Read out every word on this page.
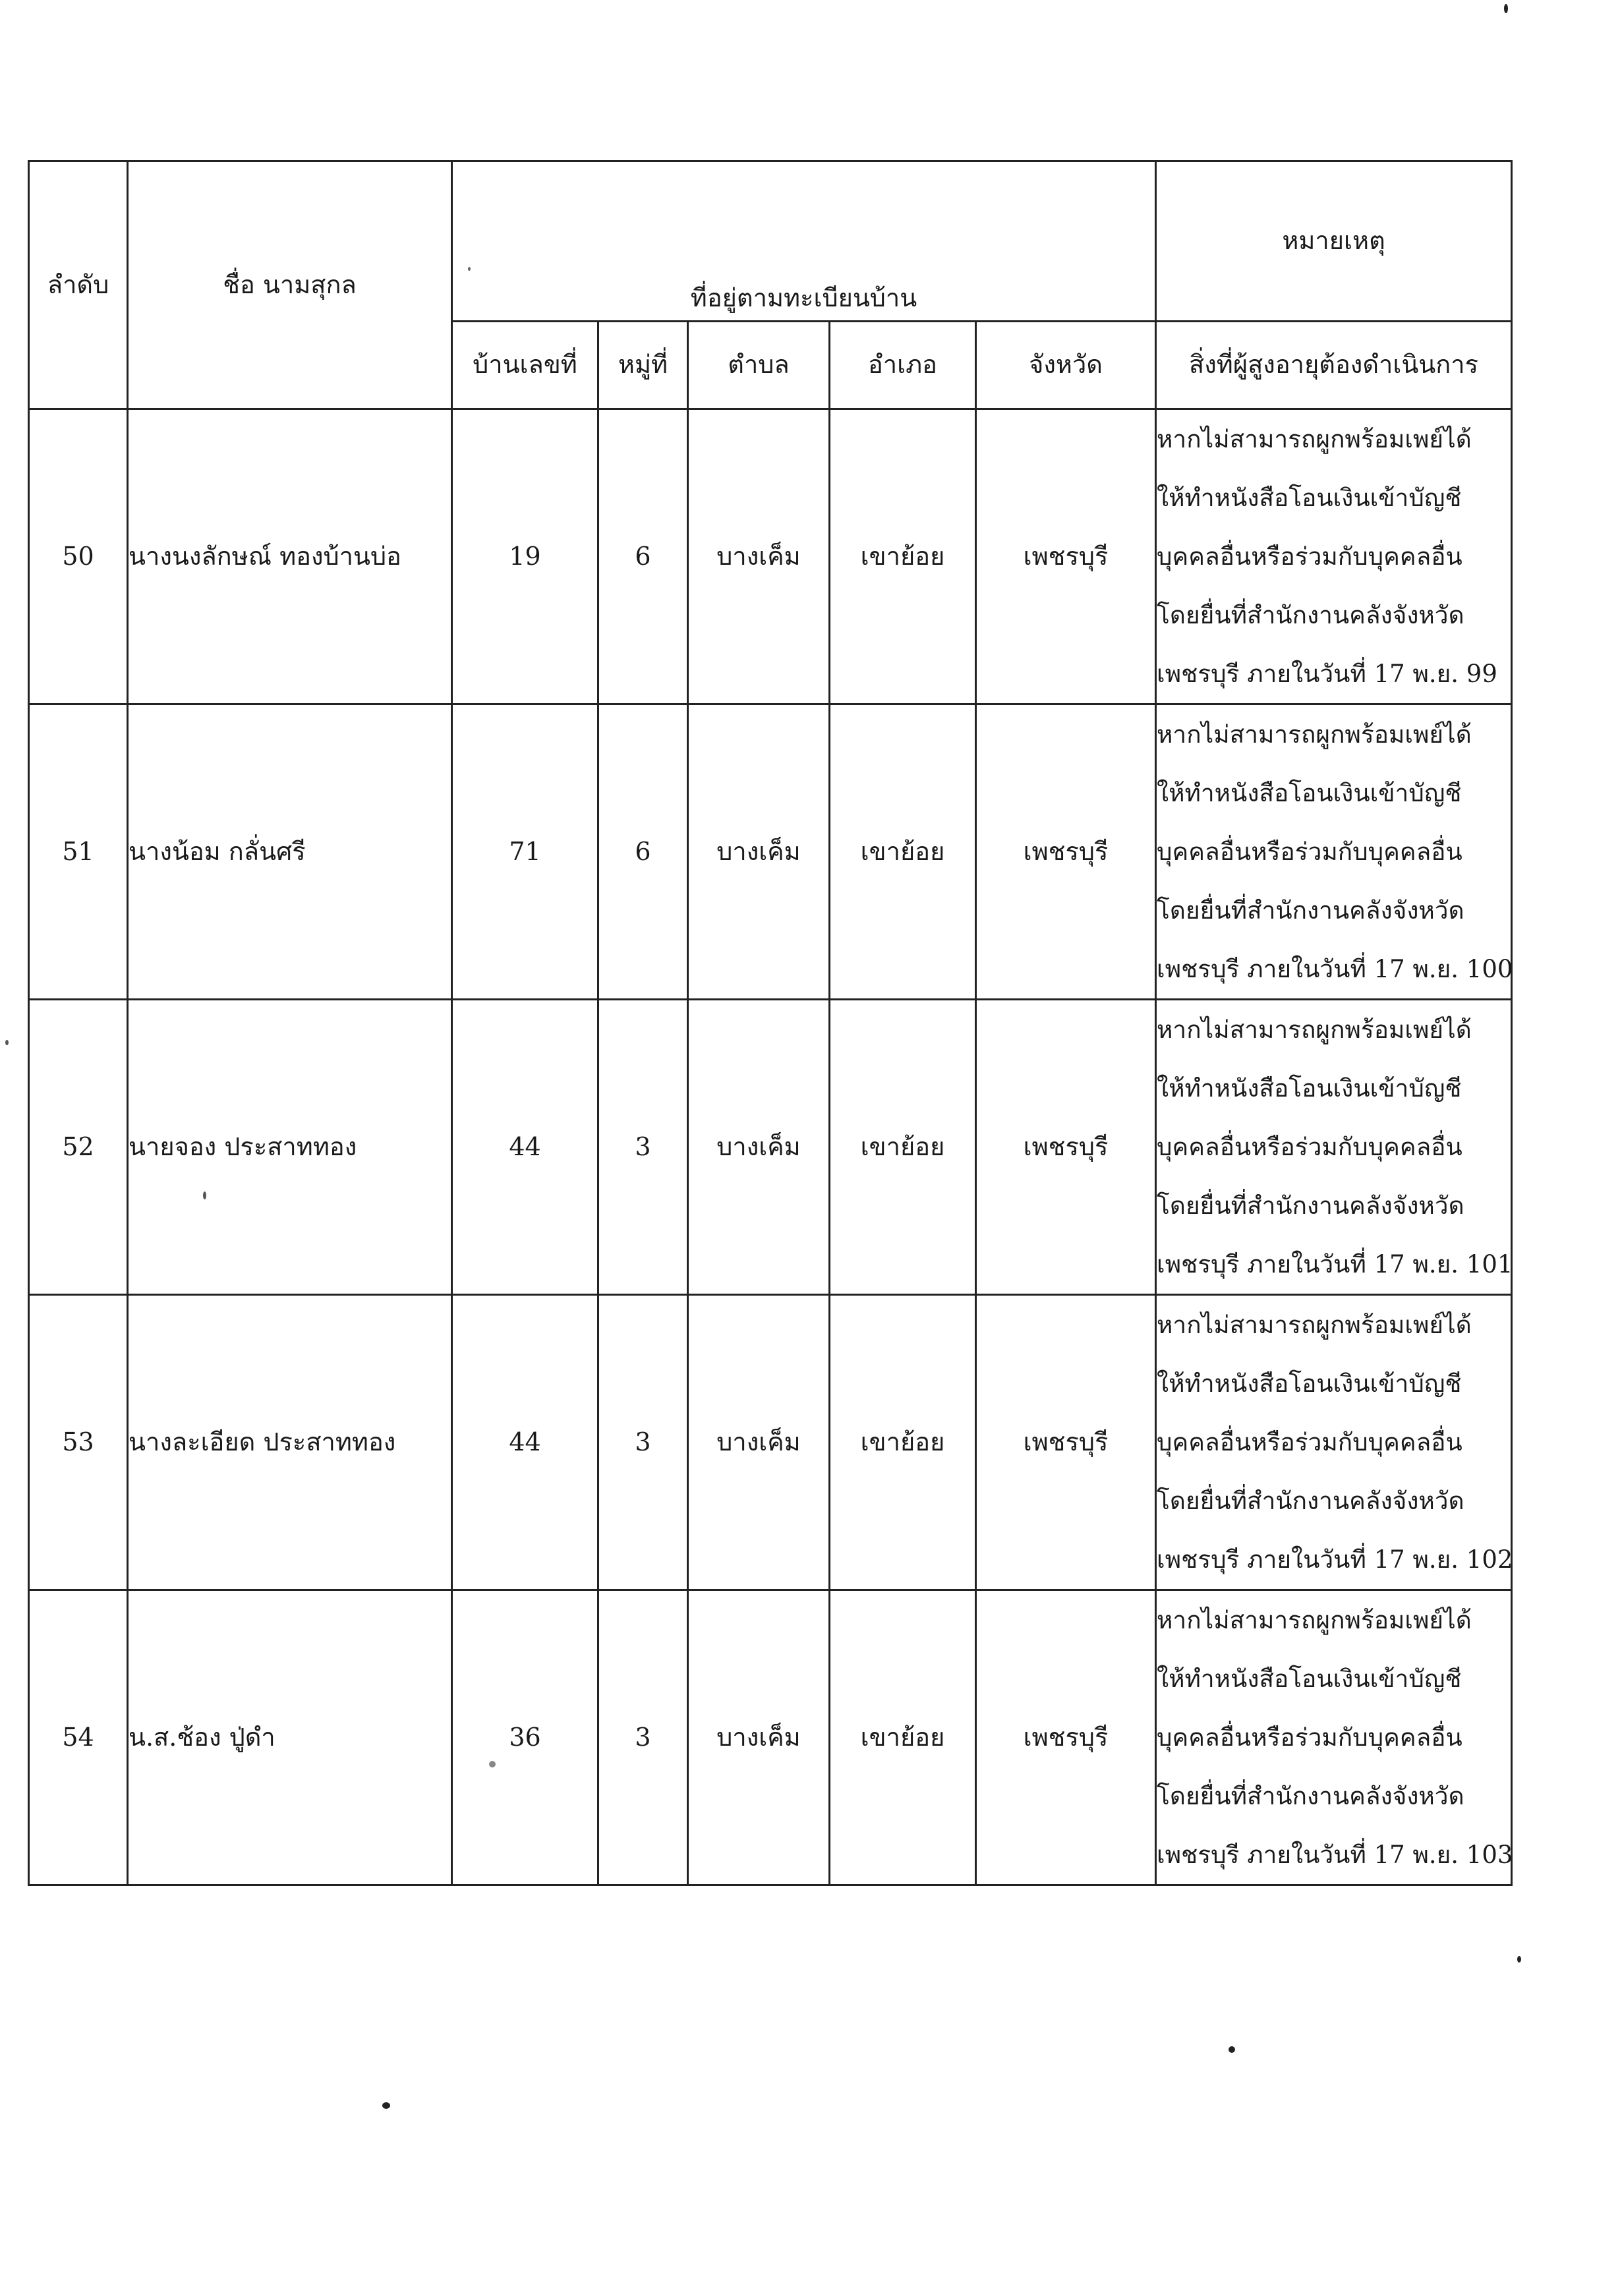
ลำดับ	ชื่อ นามสุกล	ที่อยู่ตามทะเบียนบ้าน					หมายเหตุ
		บ้านเลขที่	หมู่ที่	ตำบล	อำเภอ	จังหวัด	สิ่งที่ผู้สูงอายุต้องดำเนินการ
50	นางนงลักษณ์ ทองบ้านบ่อ	19	6	บางเค็ม	เขาย้อย	เพชรบุรี	หากไม่สามารถผูกพร้อมเพย์ได้
ให้ทำหนังสือโอนเงินเข้าบัญชี
บุคคลอื่นหรือร่วมกับบุคคลอื่น
โดยยื่นที่สำนักงานคลังจังหวัด
เพชรบุรี ภายในวันที่ 17 พ.ย. 99

51	นางน้อม กลั่นศรี	71	6	บางเค็ม	เขาย้อย	เพชรบุรี	หากไม่สามารถผูกพร้อมเพย์ได้
ให้ทำหนังสือโอนเงินเข้าบัญชี
บุคคลอื่นหรือร่วมกับบุคคลอื่น
โดยยื่นที่สำนักงานคลังจังหวัด
เพชรบุรี ภายในวันที่ 17 พ.ย. 100

52	นายจอง ประสาททอง	44	3	บางเค็ม	เขาย้อย	เพชรบุรี	หากไม่สามารถผูกพร้อมเพย์ได้
ให้ทำหนังสือโอนเงินเข้าบัญชี
บุคคลอื่นหรือร่วมกับบุคคลอื่น
โดยยื่นที่สำนักงานคลังจังหวัด
เพชรบุรี ภายในวันที่ 17 พ.ย. 101

53	นางละเอียด ประสาททอง	44	3	บางเค็ม	เขาย้อย	เพชรบุรี	หากไม่สามารถผูกพร้อมเพย์ได้
ให้ทำหนังสือโอนเงินเข้าบัญชี
บุคคลอื่นหรือร่วมกับบุคคลอื่น
โดยยื่นที่สำนักงานคลังจังหวัด
เพชรบุรี ภายในวันที่ 17 พ.ย. 102

54	น.ส.ช้อง ปู่ดำ	36	3	บางเค็ม	เขาย้อย	เพชรบุรี	หากไม่สามารถผูกพร้อมเพย์ได้
ให้ทำหนังสือโอนเงินเข้าบัญชี
บุคคลอื่นหรือร่วมกับบุคคลอื่น
โดยยื่นที่สำนักงานคลังจังหวัด
เพชรบุรี ภายในวันที่ 17 พ.ย. 103
